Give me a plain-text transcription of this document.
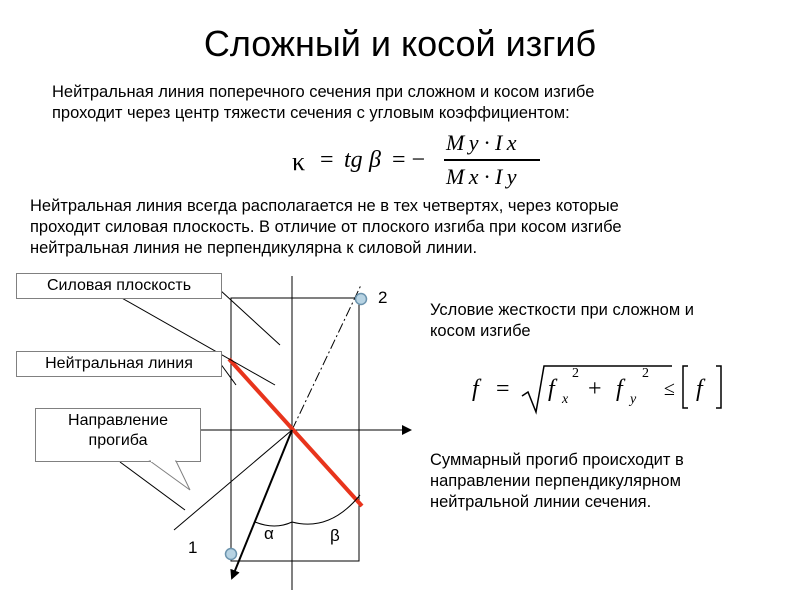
Сложный и косой изгиб
Нейтральная линия поперечного сечения при сложном и косом изгибе
проходит через центр тяжести сечения с угловым коэффициентом:
κ = tg β = −
M y · I x
M x · I y
Нейтральная линия всегда располагается не в тех четвертях, через которые
проходит силовая плоскость. В отличие от плоского изгиба при косом изгибе
нейтральная линия не перпендикулярна к силовой линии.
Условие жесткости при сложном и
косом изгибе
f = f x
2
+ f y
2
≤ f
Суммарный прогиб происходит в
направлении перпендикулярном
нейтральной линии сечения.
2
1
α	β
Силовая плоскость
Нейтральная линия
Направление
прогиба
